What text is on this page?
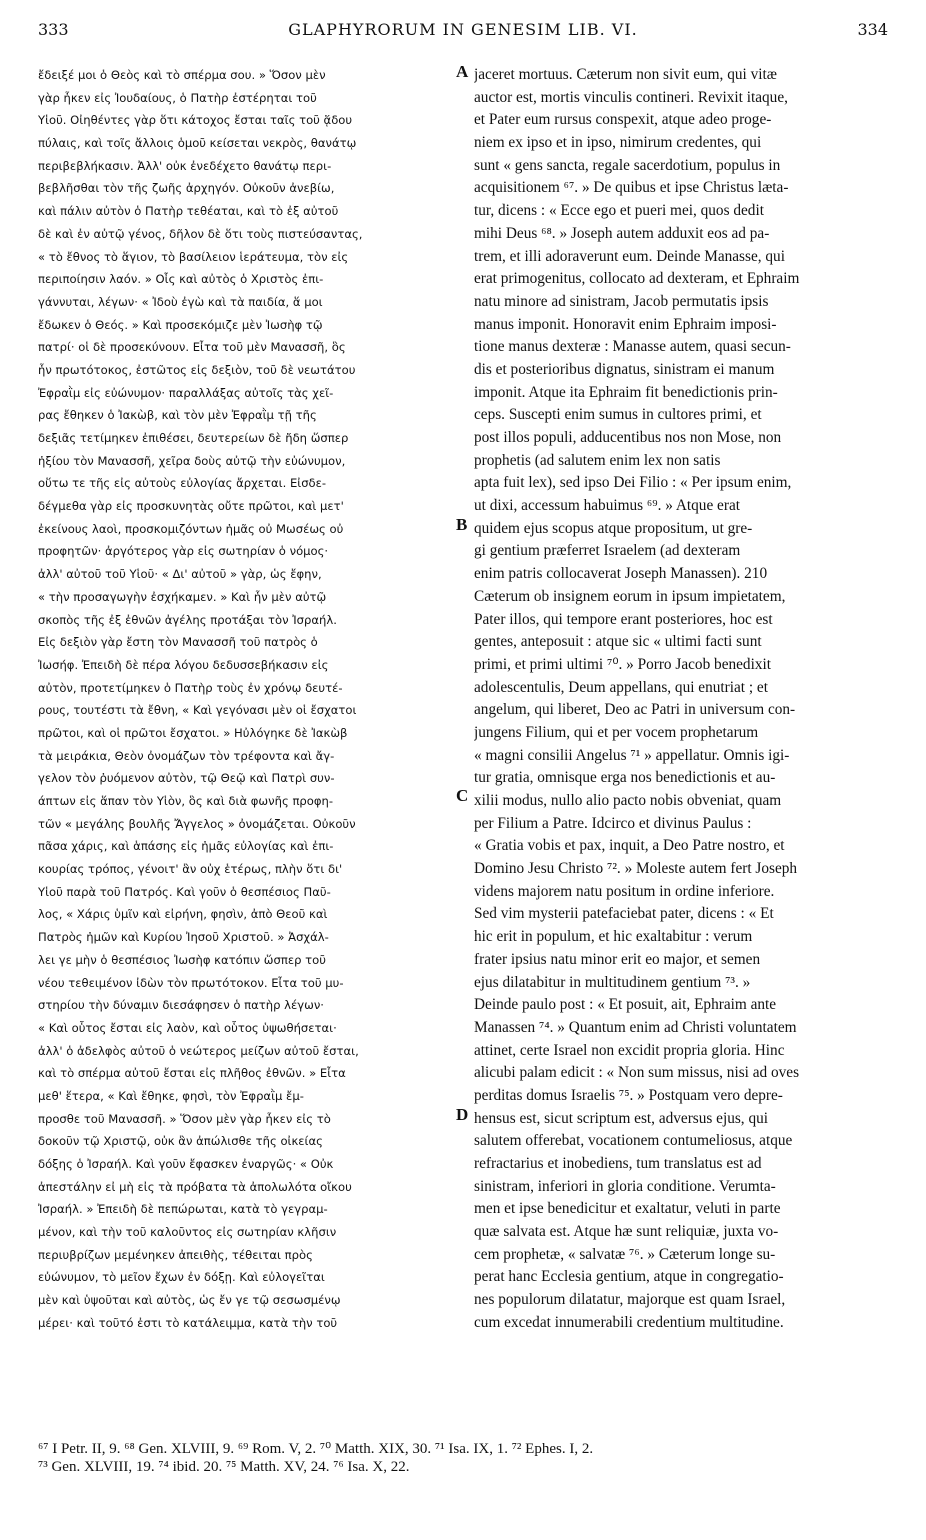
333	GLAPHYRORUM IN GENESIM LIB. VI.	334
ἔδειξέ μοι ὁ Θεὸς καὶ τὸ σπέρμα σου. » Ὅσον μὲν
γὰρ ἦκεν εἰς Ἰουδαίους, ὁ Πατὴρ ἐστέρηται τοῦ
Υἱοῦ. Οἰηθέντες γὰρ ὅτι κάτοχος ἔσται ταῖς τοῦ ᾅδου
πύλαις, καὶ τοῖς ἄλλοις ὁμοῦ κείσεται νεκρὸς, θανάτῳ
περιβεβλήκασιν. Ἀλλ' οὐκ ἐνεδέχετο θανάτῳ περι-
βεβλῆσθαι τὸν τῆς ζωῆς ἀρχηγόν. Οὐκοῦν ἀνεβίω,
καὶ πάλιν αὐτὸν ὁ Πατὴρ τεθέαται, καὶ τὸ ἐξ αὐτοῦ
δὲ καὶ ἐν αὐτῷ γένος, δῆλον δὲ ὅτι τοὺς πιστεύσαντας,
« τὸ ἔθνος τὸ ἅγιον, τὸ βασίλειον ἱεράτευμα, τὸν εἰς
περιποίησιν λαόν. » Οἷς καὶ αὐτὸς ὁ Χριστὸς ἐπι-
γάννυται, λέγων· « Ἰδοὺ ἐγὼ καὶ τὰ παιδία, ἅ μοι
ἔδωκεν ὁ Θεός. » Καὶ προσεκόμιζε μὲν Ἰωσὴφ τῷ
πατρί· οἱ δὲ προσεκύνουν. Εἶτα τοῦ μὲν Μανασσῆ, ὃς
ἦν πρωτότοκος, ἐστῶτος εἰς δεξιὸν, τοῦ δὲ νεωτάτου
Ἐφραῒμ εἰς εὐώνυμον· παραλλάξας αὐτοῖς τὰς χεῖ-
ρας ἔθηκεν ὁ Ἰακὼβ, καὶ τὸν μὲν Ἐφραῒμ τῇ τῆς
δεξιᾶς τετίμηκεν ἐπιθέσει, δευτερείων δὲ ἤδη ὥσπερ
ἠξίου τὸν Μανασσῆ, χεῖρα δοὺς αὐτῷ τὴν εὐώνυμον,
οὕτω τε τῆς εἰς αὐτοὺς εὐλογίας ἄρχεται. Εἰσδε-
δέγμεθα γὰρ εἰς προσκυνητὰς οὔτε πρῶτοι, καὶ μετ'
ἐκείνους λαοὶ, προσκομιζόντων ἡμᾶς οὐ Μωσέως οὐ
προφητῶν· ἀργότερος γὰρ εἰς σωτηρίαν ὁ νόμος·
ἀλλ' αὐτοῦ τοῦ Υἱοῦ· « Δι' αὐτοῦ » γὰρ, ὡς ἔφην,
« τὴν προσαγωγὴν ἐσχήκαμεν. » Καὶ ἦν μὲν αὐτῷ
σκοπὸς τῆς ἐξ ἐθνῶν ἀγέλης προτάξαι τὸν Ἰσραήλ.
Εἰς δεξιὸν γὰρ ἔστη τὸν Μανασσῆ τοῦ πατρὸς ὁ
Ἰωσήφ. Ἐπειδὴ δὲ πέρα λόγου δεδυσσεβήκασιν εἰς
αὐτὸν, προτετίμηκεν ὁ Πατὴρ τοὺς ἐν χρόνῳ δευτέ-
ρους, τουτέστι τὰ ἔθνη, « Καὶ γεγόνασι μὲν οἱ ἔσχατοι
πρῶτοι, καὶ οἱ πρῶτοι ἔσχατοι. » Ηὐλόγηκε δὲ Ἰακὼβ
τὰ μειράκια, Θεὸν ὀνομάζων τὸν τρέφοντα καὶ ἄγ-
γελον τὸν ῥυόμενον αὐτὸν, τῷ Θεῷ καὶ Πατρὶ συν-
άπτων εἰς ἅπαν τὸν Υἱὸν, ὃς καὶ διὰ φωνῆς προφη-
τῶν « μεγάλης βουλῆς Ἄγγελος » ὀνομάζεται. Οὐκοῦν
πᾶσα χάρις, καὶ ἁπάσης εἰς ἡμᾶς εὐλογίας καὶ ἐπι-
κουρίας τρόπος, γένοιτ' ἂν οὐχ ἑτέρως, πλὴν ὅτι δι'
Υἱοῦ παρὰ τοῦ Πατρός. Καὶ γοῦν ὁ θεσπέσιος Παῦ-
λος, « Χάρις ὑμῖν καὶ εἰρήνη, φησὶν, ἀπὸ Θεοῦ καὶ
Πατρὸς ἡμῶν καὶ Κυρίου Ἰησοῦ Χριστοῦ. » Ἀσχάλ-
λει γε μὴν ὁ θεσπέσιος Ἰωσὴφ κατόπιν ὥσπερ τοῦ
νέου τεθειμένον ἰδὼν τὸν πρωτότοκον. Εἶτα τοῦ μυ-
στηρίου τὴν δύναμιν διεσάφησεν ὁ πατὴρ λέγων·
« Καὶ οὗτος ἔσται εἰς λαὸν, καὶ οὗτος ὑψωθήσεται·
ἀλλ' ὁ ἀδελφὸς αὐτοῦ ὁ νεώτερος μείζων αὐτοῦ ἔσται,
καὶ τὸ σπέρμα αὐτοῦ ἔσται εἰς πλῆθος ἐθνῶν. » Εἶτα
μεθ' ἕτερα, « Καὶ ἔθηκε, φησὶ, τὸν Ἐφραῒμ ἔμ-
προσθε τοῦ Μανασσῆ. » Ὅσον μὲν γὰρ ἦκεν εἰς τὸ
δοκοῦν τῷ Χριστῷ, οὐκ ἂν ἀπώλισθε τῆς οἰκείας
δόξης ὁ Ἰσραήλ. Καὶ γοῦν ἔφασκεν ἐναργῶς· « Οὐκ
ἀπεστάλην εἰ μὴ εἰς τὰ πρόβατα τὰ ἀπολωλότα οἴκου
Ἰσραήλ. » Ἐπειδὴ δὲ πεπώρωται, κατὰ τὸ γεγραμ-
μένον, καὶ τὴν τοῦ καλοῦντος εἰς σωτηρίαν κλῆσιν
περιυβρίζων μεμένηκεν ἀπειθὴς, τέθειται πρὸς
εὐώνυμον, τὸ μεῖον ἔχων ἐν δόξῃ. Καὶ εὐλογεῖται
μὲν καὶ ὑψοῦται καὶ αὐτὸς, ὡς ἔν γε τῷ σεσωσμένῳ
μέρει· καὶ τοῦτό ἐστι τὸ κατάλειμμα, κατὰ τὴν τοῦ
jaceret mortuus. Cæterum non sivit eum, qui vitæ
auctor est, mortis vinculis contineri. Revixit itaque,
et Pater eum rursus conspexit, atque adeo proge-
niem ex ipso et in ipso, nimirum credentes, qui
sunt « gens sancta, regale sacerdotium, populus in
acquisitionem ⁶⁷. » De quibus et ipse Christus læta-
tur, dicens : « Ecce ego et pueri mei, quos dedit
mihi Deus ⁶⁸. » Joseph autem adduxit eos ad pa-
trem, et illi adoraverunt eum. Deinde Manasse, qui
erat primogenitus, collocato ad dexteram, et Ephraim
natu minore ad sinistram, Jacob permutatis ipsis
manus imponit. Honoravit enim Ephraim imposi-
tione manus dexteræ : Manasse autem, quasi secun-
dis et posterioribus dignatus, sinistram ei manum
imponit. Atque ita Ephraim fit benedictionis prin-
ceps. Suscepti enim sumus in cultores primi, et
post illos populi, adducentibus nos non Mose, non
prophetis (ad salutem enim lex non satis
apta fuit lex), sed ipso Dei Filio : « Per ipsum enim,
ut dixi, accessum habuimus ⁶⁹. » Atque erat
quidem ejus scopus atque propositum, ut gre-
gi gentium præferret Israelem (ad dexteram
enim patris collocaverat Joseph Manassen). 210
Cæterum ob insignem eorum in ipsum impietatem,
Pater illos, qui tempore erant posteriores, hoc est
gentes, anteposuit : atque sic « ultimi facti sunt
primi, et primi ultimi ⁷⁰. » Porro Jacob benedixit
adolescentulis, Deum appellans, qui enutriat ; et
angelum, qui liberet, Deo ac Patri in universum con-
jungens Filium, qui et per vocem prophetarum
« magni consilii Angelus ⁷¹ » appellatur. Omnis igi-
tur gratia, omnisque erga nos benedictionis et au-
xilii modus, nullo alio pacto nobis obveniat, quam
per Filium a Patre. Idcirco et divinus Paulus :
« Gratia vobis et pax, inquit, a Deo Patre nostro, et
Domino Jesu Christo ⁷². » Moleste autem fert Joseph
videns majorem natu positum in ordine inferiore.
Sed vim mysterii patefaciebat pater, dicens : « Et
hic erit in populum, et hic exaltabitur : verum
frater ipsius natu minor erit eo major, et semen
ejus dilatabitur in multitudinem gentium ⁷³. »
Deinde paulo post : « Et posuit, ait, Ephraim ante
Manassen ⁷⁴. » Quantum enim ad Christi voluntatem
attinet, certe Israel non excidit propria gloria. Hinc
alicubi palam edicit : « Non sum missus, nisi ad oves
perditas domus Israelis ⁷⁵. » Postquam vero depre-
hensus est, sicut scriptum est, adversus ejus, qui
salutem offerebat, vocationem contumeliosus, atque
refractarius et inobediens, tum translatus est ad
sinistram, inferiori in gloria conditione. Verumta-
men et ipse benedicitur et exaltatur, veluti in parte
quæ salvata est. Atque hæ sunt reliquiæ, juxta vo-
cem prophetæ, « salvatæ ⁷⁶. » Cæterum longe su-
perat hanc Ecclesia gentium, atque in congregatio-
nes populorum dilatatur, majorque est quam Israel,
cum excedat innumerabili credentium multitudine.
A
B
C
D
⁶⁷ I Petr. II, 9. ⁶⁸ Gen. XLVIII, 9. ⁶⁹ Rom. V, 2. ⁷⁰ Matth. XIX, 30. ⁷¹ Isa. IX, 1. ⁷² Ephes. I, 2.
⁷³ Gen. XLVIII, 19. ⁷⁴ ibid. 20. ⁷⁵ Matth. XV, 24. ⁷⁶ Isa. X, 22.
